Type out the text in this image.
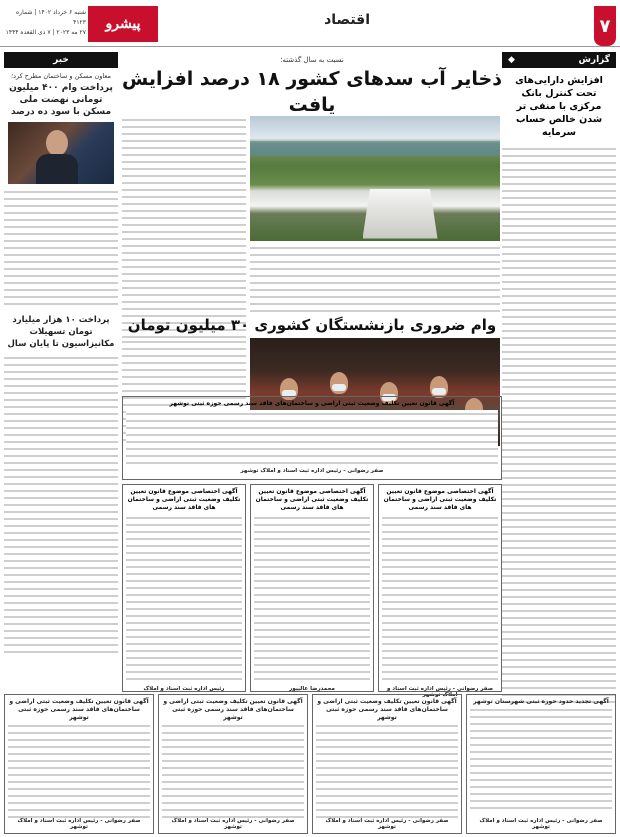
۷
اقتصاد
پیشرو
شنبه ۶ خرداد ۱۴۰۲ | شماره ۴۱۲۳
۲۷ مه ۲۰۲۳ | ۷ ذی القعده ۱۴۴۴
گزارش
◆
افزایش دارایی‌های تحت کنترل بانک مرکزی با منفی تر شدن خالص حساب سرمایه
نسبت به سال گذشته؛
ذخایر آب سدهای کشور ۱۸ درصد افزایش یافت
وام ضروری بازنشستگان کشوری ۳۰ میلیون تومان
خبر
معاون مسکن و ساختمان مطرح کرد؛
پرداخت وام ۴۰۰ میلیون تومانی نهضت ملی مسکن با سود ده درصد
پرداخت ۱۰ هزار میلیارد تومان تسهیلات مکانیزاسیون تا پایان سال
آگهی قانون تعیین تکلیف وضعیت ثبتی اراضی و ساختمان‌های فاقد سند رسمی حوزه ثبتی توشهر
صفر رضوانی - رئیس اداره ثبت اسناد و املاک توشهر
آگهی اختصاصی موضوع قانون تعیین تکلیف وضعیت ثبتی اراضی و ساختمان های فاقد سند رسمی
رئیس اداره ثبت اسناد و املاک
آگهی اختصاصی موضوع قانون تعیین تکلیف وضعیت ثبتی اراضی و ساختمان های فاقد سند رسمی
محمدرضا عالیپور
آگهی اختصاصی موضوع قانون تعیین تکلیف وضعیت ثبتی اراضی و ساختمان های فاقد سند رسمی
صفر رضوانی - رئیس اداره ثبت اسناد و املاک توشهر
آگهی تجدید حدود حوزه ثبتی شهرستان توشهر
صفر رضوانی - رئیس اداره ثبت اسناد و املاک توشهر
آگهی قانون تعیین تکلیف وضعیت ثبتی اراضی و ساختمان‌های فاقد سند رسمی حوزه ثبتی توشهر
صفر رضوانی - رئیس اداره ثبت اسناد و املاک توشهر
آگهی قانون تعیین تکلیف وضعیت ثبتی اراضی و ساختمان‌های فاقد سند رسمی حوزه ثبتی توشهر
صفر رضوانی - رئیس اداره ثبت اسناد و املاک توشهر
آگهی قانون تعیین تکلیف وضعیت ثبتی اراضی و ساختمان‌های فاقد سند رسمی حوزه ثبتی توشهر
صفر رضوانی - رئیس اداره ثبت اسناد و املاک توشهر
